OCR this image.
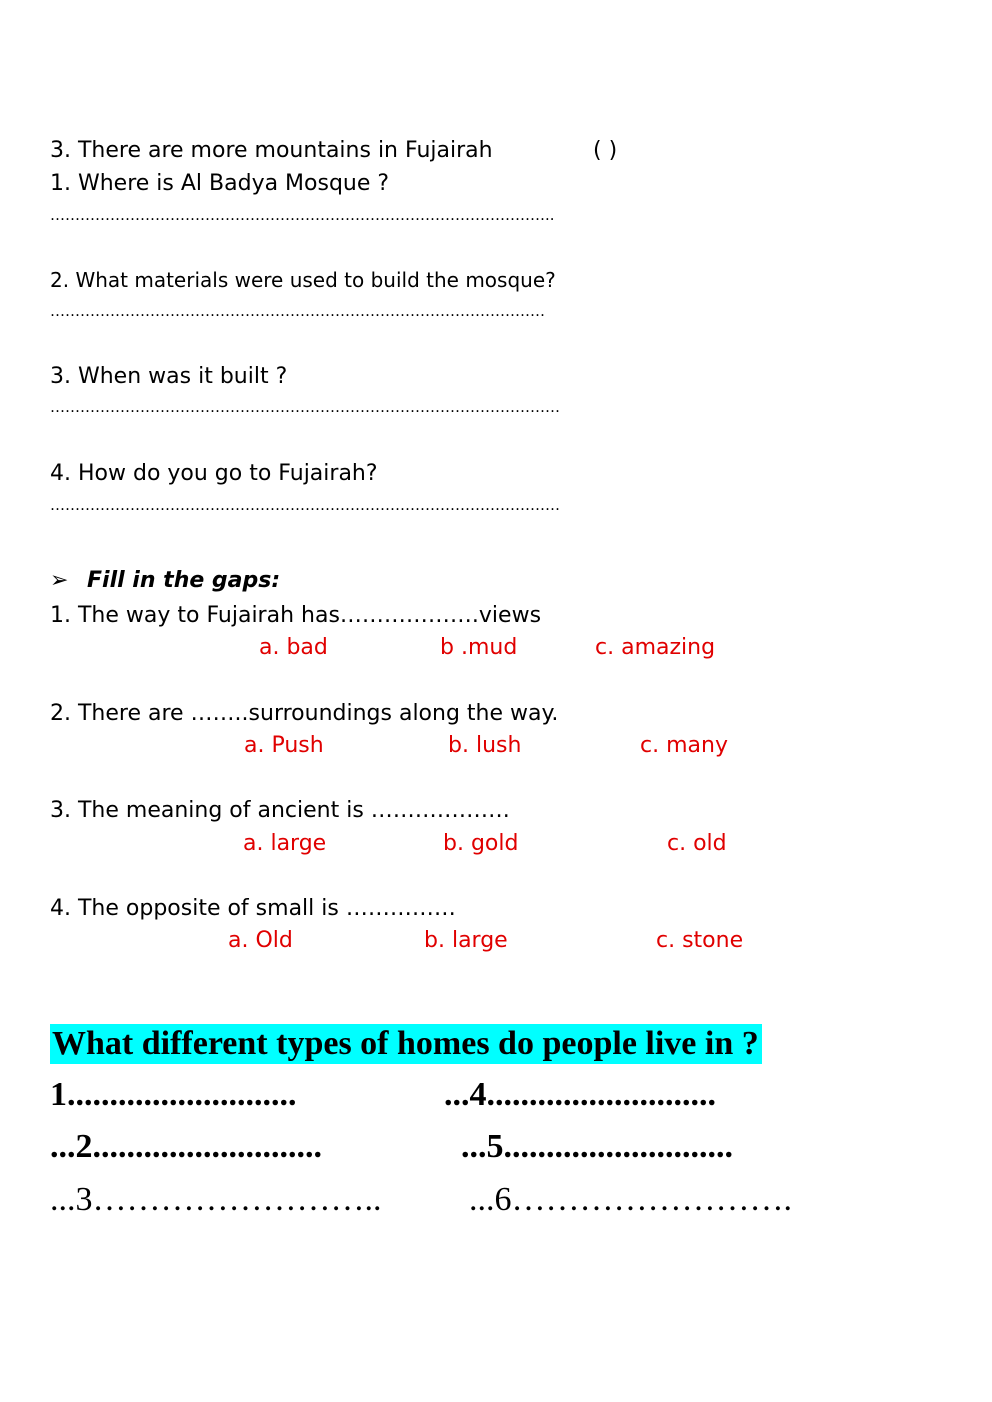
3. There are more mountains in Fujairah	( )
1. Where is Al Badya Mosque ?
………………………………………………………………………………………..
2. What materials were used to build the mosque?
………………………………………………………………………………………
3. When was it built ?
…………………………………………………………………………………………
4. How do you go to Fujairah?
…………………………………………………………………………………………
➢ Fill in the gaps:
1. The way to Fujairah has……………….views
a. bad	b .mud	c. amazing
2. There are ……..surroundings along the way.
a. Push	b. lush	c. many
3. The meaning of ancient is ……………….
a. large	b. gold	c. old
4. The opposite of small is ……………
a. Old	b. large	c. stone
What different types of homes do people live in ?
1...........................	...4...........................
...2...........................	...5...........................
...3……………………..	...6…………………….
